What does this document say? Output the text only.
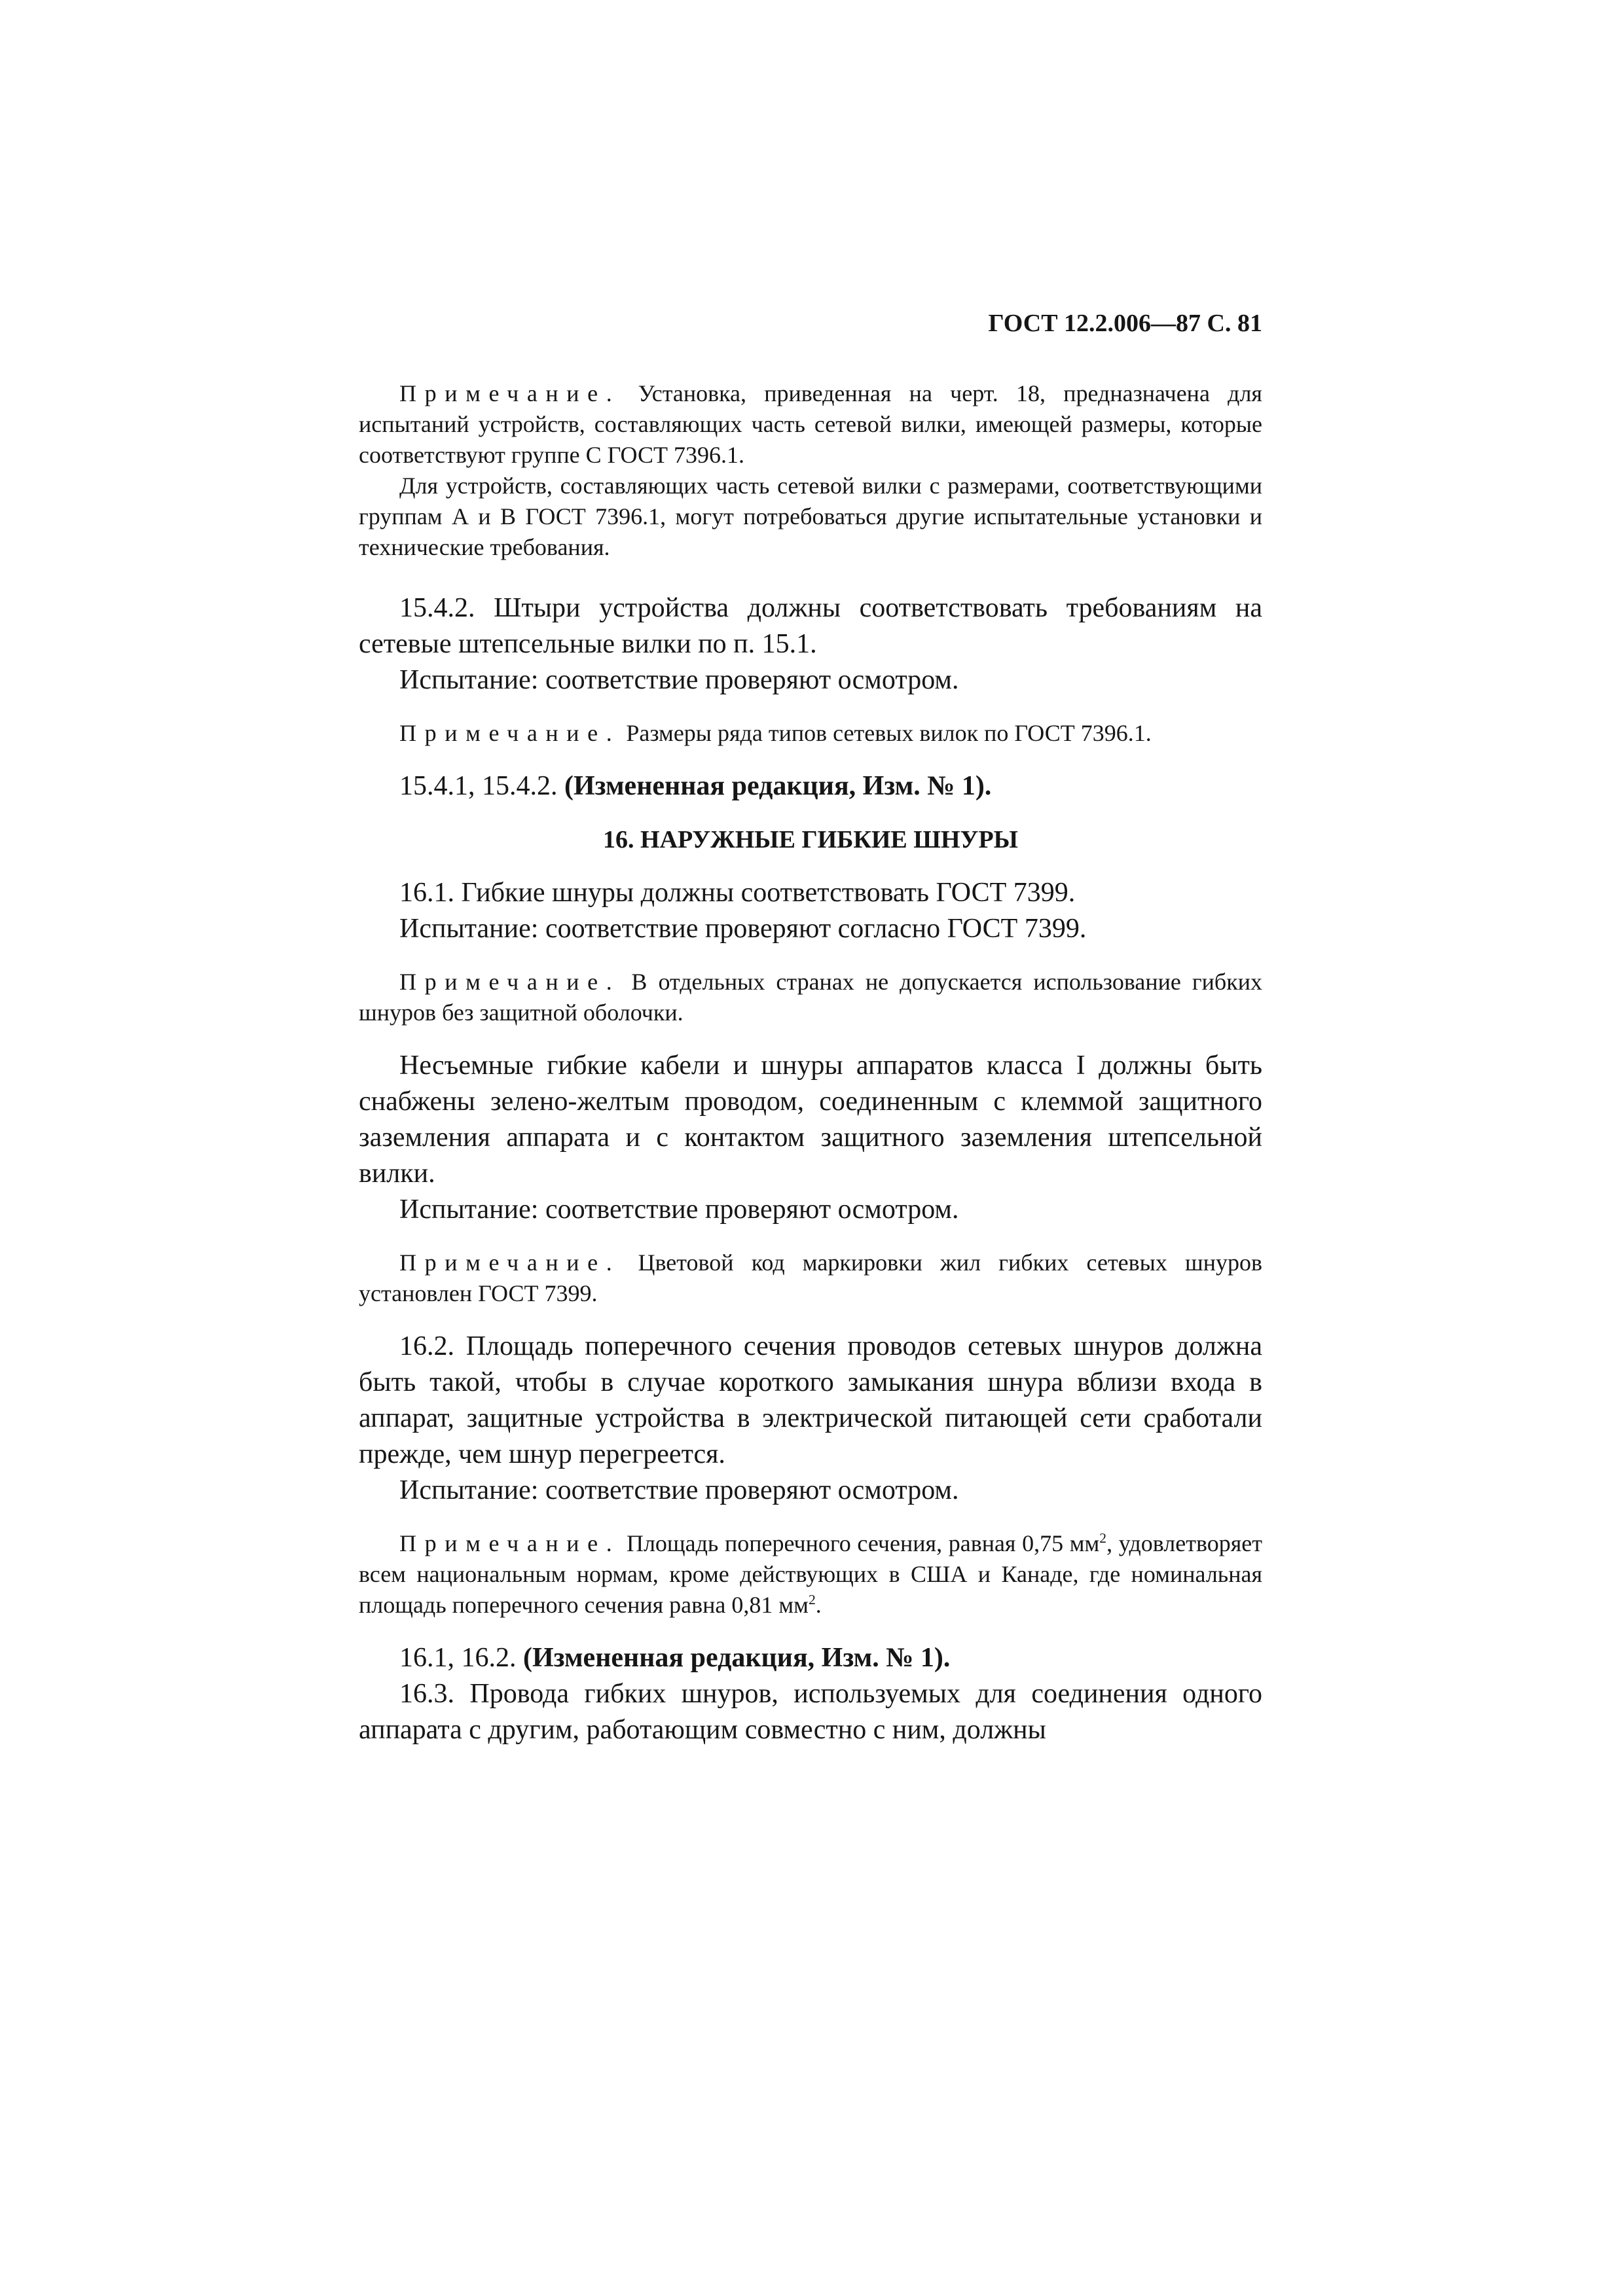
ГОСТ 12.2.006—87 С. 81

Примечание. Установка, приведенная на черт. 18, предназначена для испытаний устройств, составляющих часть сетевой вилки, имеющей размеры, которые соответствуют группе С ГОСТ 7396.1.

Для устройств, составляющих часть сетевой вилки с размерами, соответствующими группам А и В ГОСТ 7396.1, могут потребоваться другие испытательные установки и технические требования.

15.4.2. Штыри устройства должны соответствовать требованиям на сетевые штепсельные вилки по п. 15.1.

Испытание: соответствие проверяют осмотром.

Примечание. Размеры ряда типов сетевых вилок по ГОСТ 7396.1.

15.4.1, 15.4.2. (Измененная редакция, Изм. № 1).

16. НАРУЖНЫЕ ГИБКИЕ ШНУРЫ

16.1. Гибкие шнуры должны соответствовать ГОСТ 7399.

Испытание: соответствие проверяют согласно ГОСТ 7399.

Примечание. В отдельных странах не допускается использование гибких шнуров без защитной оболочки.

Несъемные гибкие кабели и шнуры аппаратов класса I должны быть снабжены зелено-желтым проводом, соединенным с клеммой защитного заземления аппарата и с контактом защитного заземления штепсельной вилки.

Испытание: соответствие проверяют осмотром.

Примечание. Цветовой код маркировки жил гибких сетевых шнуров установлен ГОСТ 7399.

16.2. Площадь поперечного сечения проводов сетевых шнуров должна быть такой, чтобы в случае короткого замыкания шнура вблизи входа в аппарат, защитные устройства в электрической питающей сети сработали прежде, чем шнур перегреется.

Испытание: соответствие проверяют осмотром.

Примечание. Площадь поперечного сечения, равная 0,75 $мм^2$, удовлетворяет всем национальным нормам, кроме действующих в США и Канаде, где номинальная площадь поперечного сечения равна 0,81 $мм^2$.

16.1, 16.2. (Измененная редакция, Изм. № 1).

16.3. Провода гибких шнуров, используемых для соединения одного аппарата с другим, работающим совместно с ним, должны
